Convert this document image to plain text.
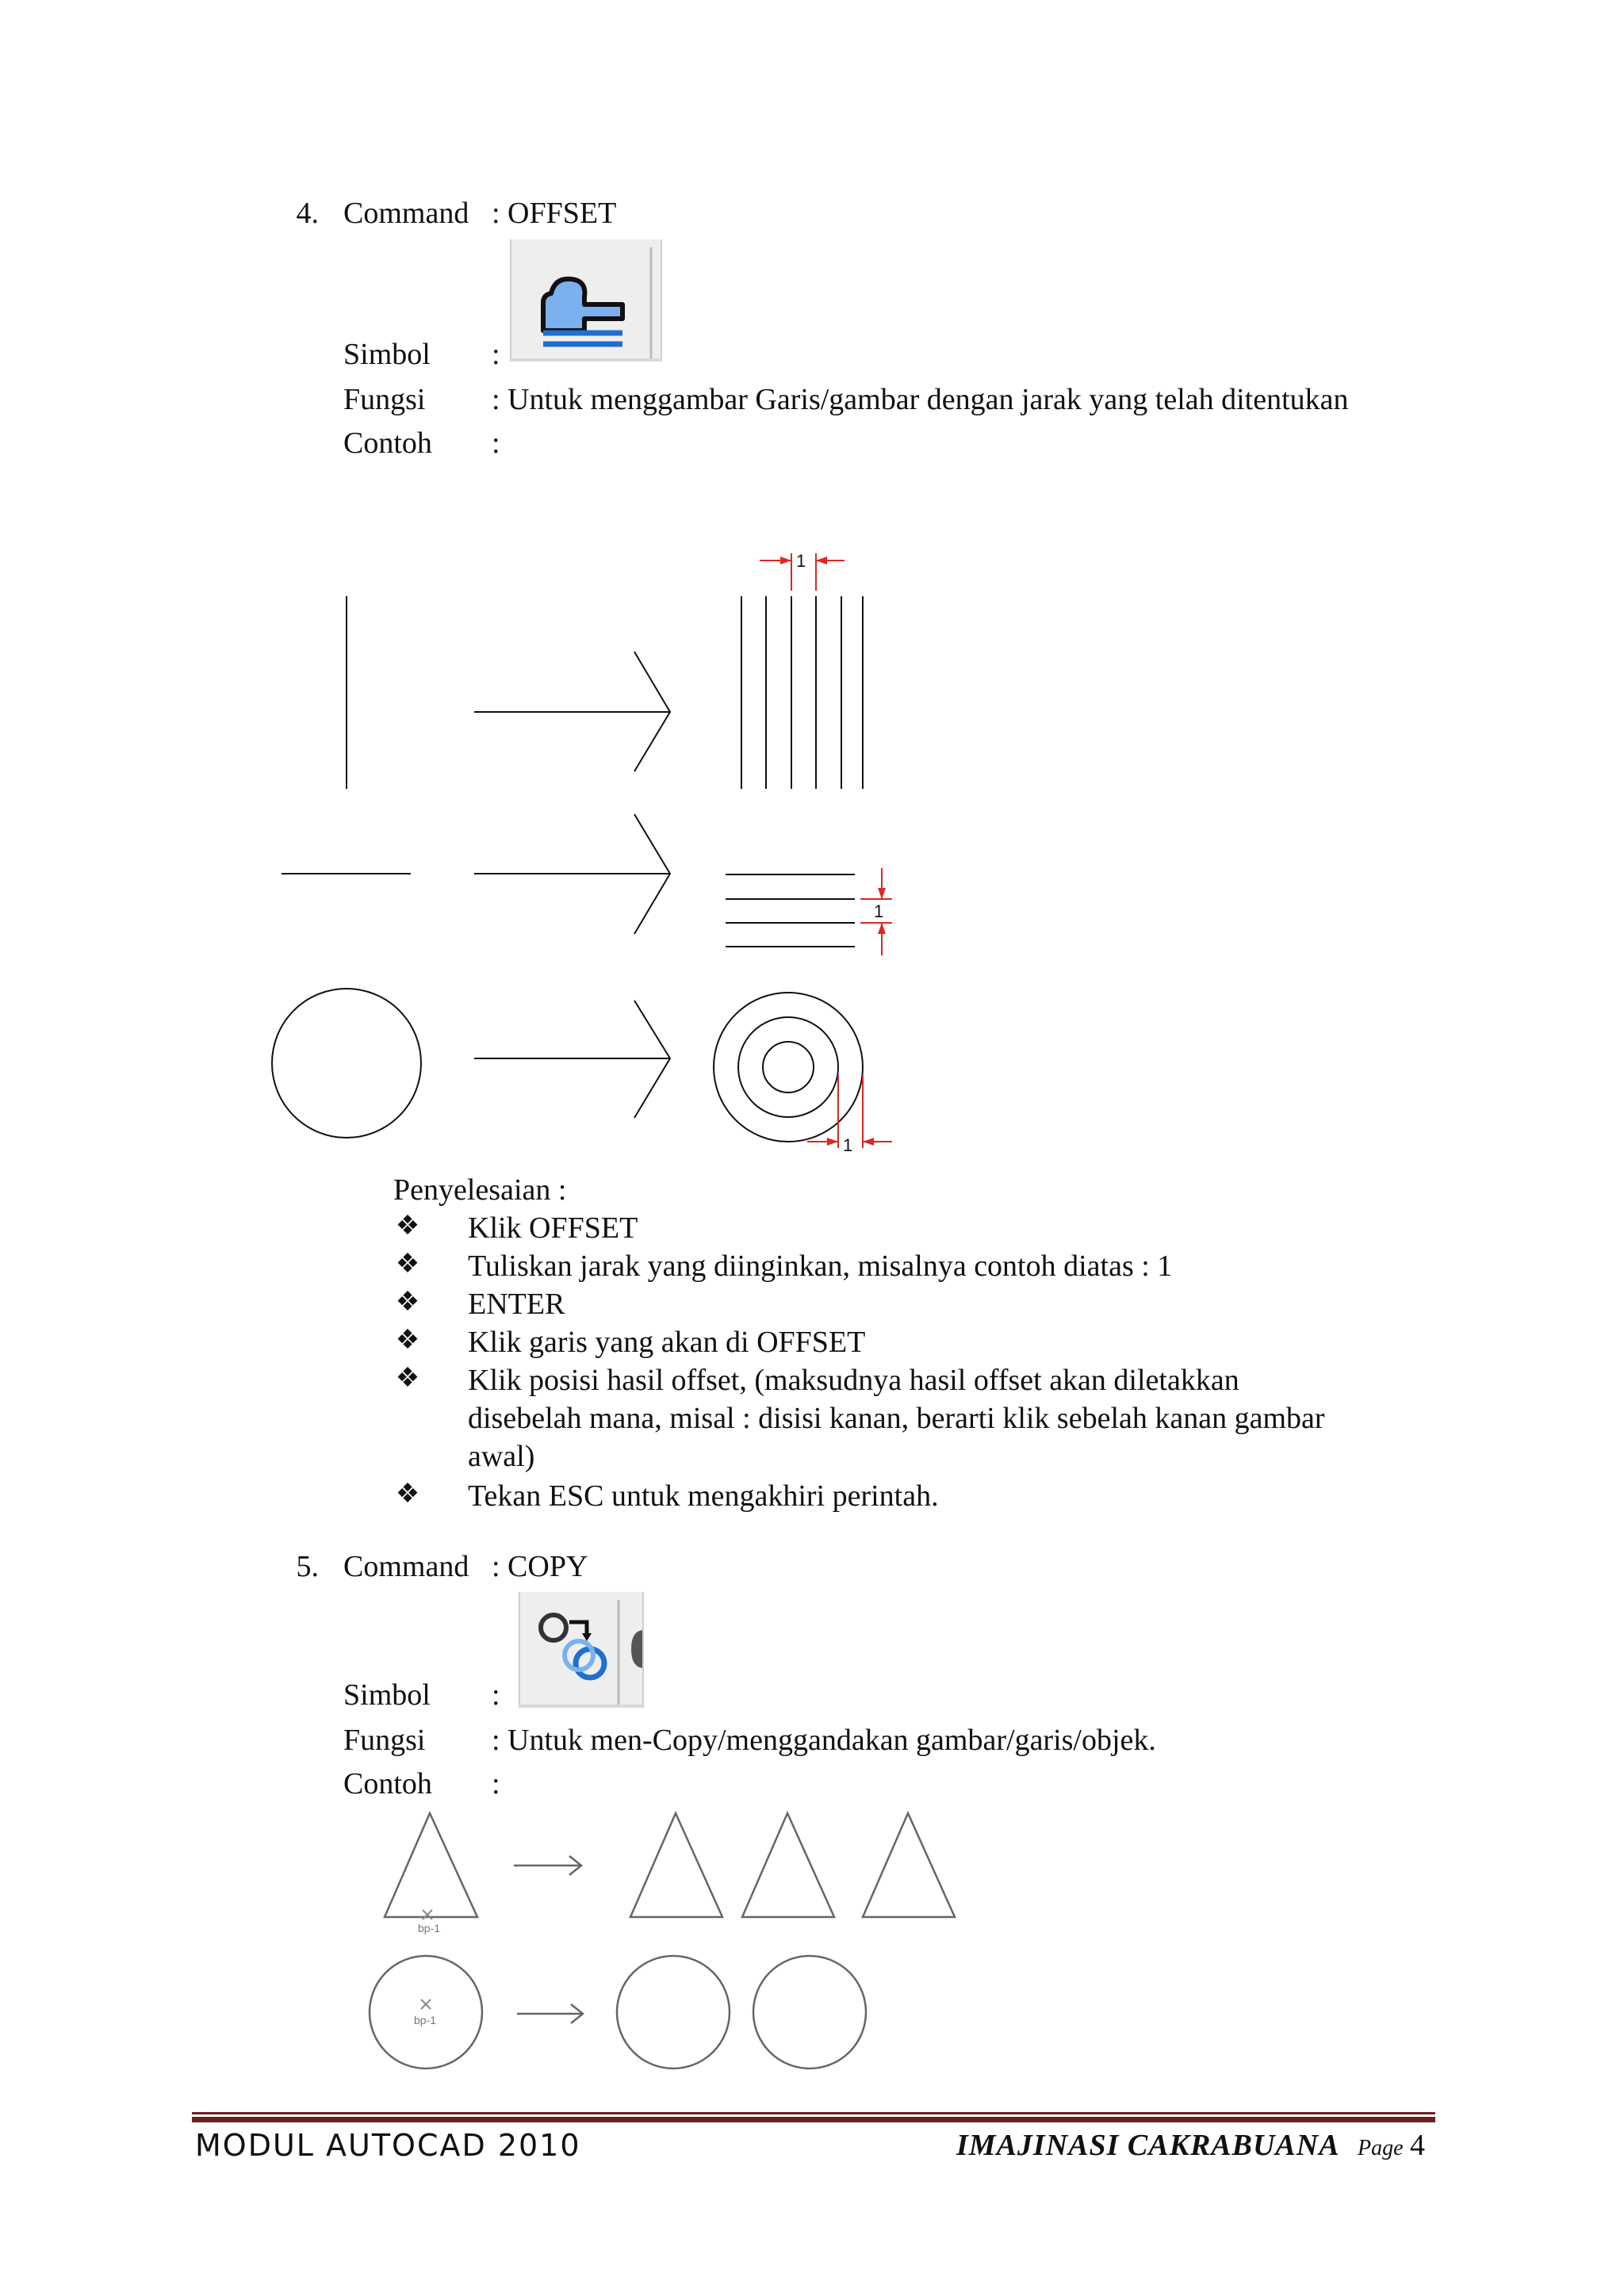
4. Command : OFFSET
Simbol	:
Fungsi	: Untuk menggambar Garis/gambar dengan jarak yang telah ditentukan
Contoh	:
1
1
1
Penyelesaian :
❖	Klik OFFSET
❖	Tuliskan jarak yang diinginkan, misalnya contoh diatas : 1
❖	ENTER
❖	Klik garis yang akan di OFFSET
❖	Klik posisi hasil offset, (maksudnya hasil offset akan diletakkan
disebelah mana, misal : disisi kanan, berarti klik sebelah kanan gambar
awal)
❖	Tekan ESC untuk mengakhiri perintah.
5. Command : COPY
Simbol	:
Fungsi	: Untuk men-Copy/menggandakan gambar/garis/objek.
Contoh	:
bp-1
bp-1
MODUL AUTOCAD 2010	IMAJINASI CAKRABUANA Page 4
